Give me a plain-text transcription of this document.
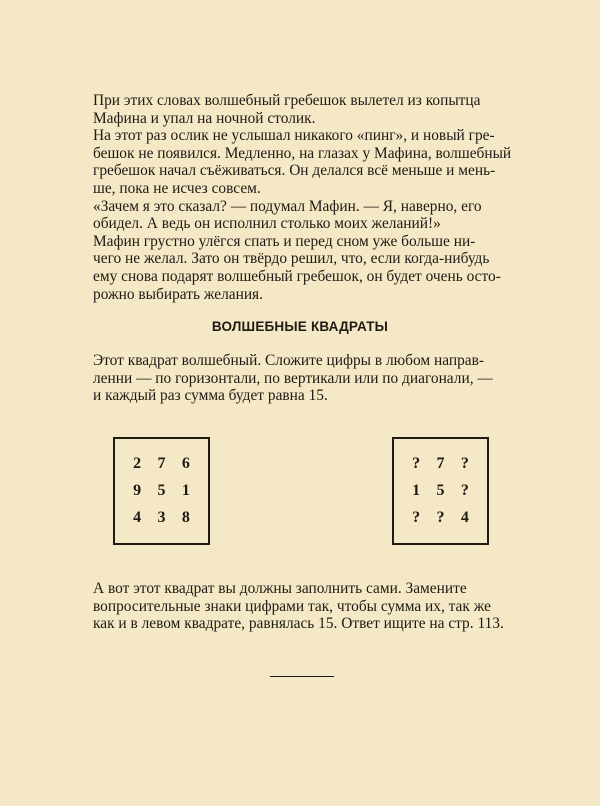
При этих словах волшебный гребешок вылетел из копытца
Мафина и упал на ночной столик.
На этот раз ослик не услышал никакого «пинг», и новый гре-
бешок не появился. Медленно, на глазах у Мафина, волшебный
гребешок начал съёживаться. Он делался всё меньше и мень-
ше, пока не исчез совсем.
«Зачем я это сказал? — подумал Мафин. — Я, наверно, его
обидел. А ведь он исполнил столько моих желаний!»
Мафин грустно улёгся спать и перед сном уже больше ни-
чего не желал. Зато он твёрдо решил, что, если когда-нибудь
ему снова подарят волшебный гребешок, он будет очень осто-
рожно выбирать желания.
ВОЛШЕБНЫЕ КВАДРАТЫ
Этот квадрат волшебный. Сложите цифры в любом направ-
ленни — по горизонтали, по вертикали или по диагонали, —
и каждый раз сумма будет равна 15.
2	7	6
9	5	1
4	3	8
?	7	?
1	5	?
?	?	4
А вот этот квадрат вы должны заполнить сами. Замените
вопросительные знаки цифрами так, чтобы сумма их, так же
как и в левом квадрате, равнялась 15. Ответ ищите на стр. 113.
